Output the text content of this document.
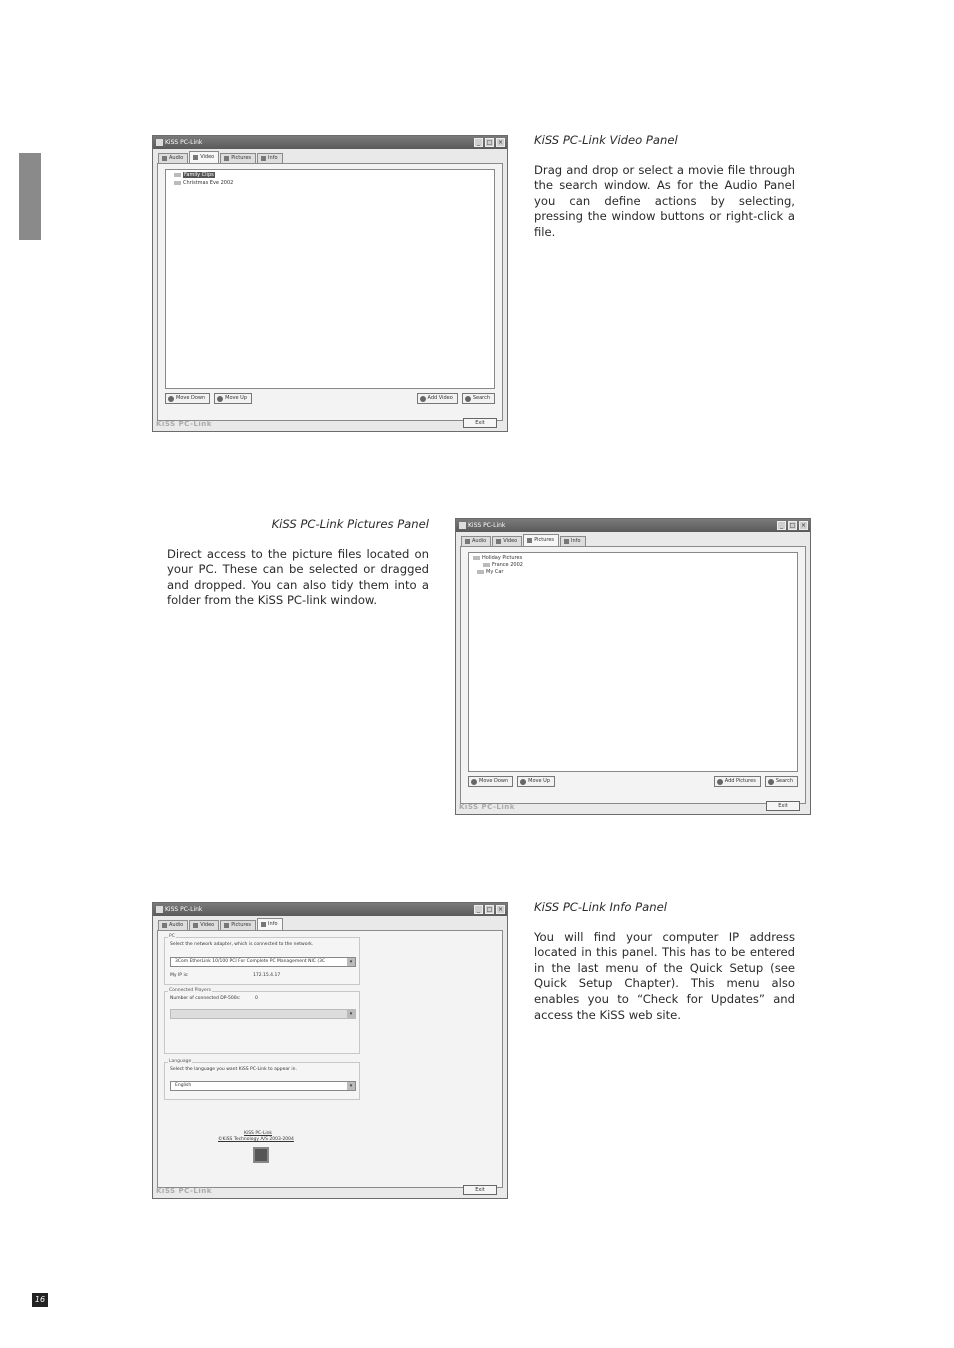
KiSS PC-Link	_	□ ×
Audio	Video	Pictures	Info
Family Clips
Christmas Eve 2002
Move Down	Move Up	Add Video	Search
KiSS PC-Link	Exit
KiSS PC-Link Video Panel

Drag and drop or select a movie file through the search window. As for the Audio Panel you can define actions by selecting, pressing the window buttons or right-click a file.

KiSS PC-Link Pictures Panel

Direct access to the picture files located on your PC. These can be selected or dragged and dropped. You can also tidy them into a folder from the KiSS PC-link window.

KiSS PC-Link	_	□ ×
Audio	Video	Pictures	Info
Holiday Pictures
France 2002
My Car
Move Down	Move Up	Add Pictures	Search
KiSS PC-Link	Exit
KiSS PC-Link	_	□ ×
Audio	Video	Pictures	Info
PC
Select the network adapter, which is connected to the network.
3Com EtherLink 10/100 PCI For Complete PC Management NIC (3C	▾
My IP is:	172.15.4.17
Connected Players
Number of connected DP-500s:	0
▾
Language
Select the language you want KiSS PC-Link to appear in.
English	▾
KiSS PC-Link
©KiSS Technology A/S 2003-2004
KiSS PC-Link	Exit
KiSS PC-Link Info Panel

You will find your computer IP address located in this panel. This has to be entered in the last menu of the Quick Setup (see Quick Setup Chapter). This menu also enables you to “Check for Updates” and access the KiSS web site.

16
